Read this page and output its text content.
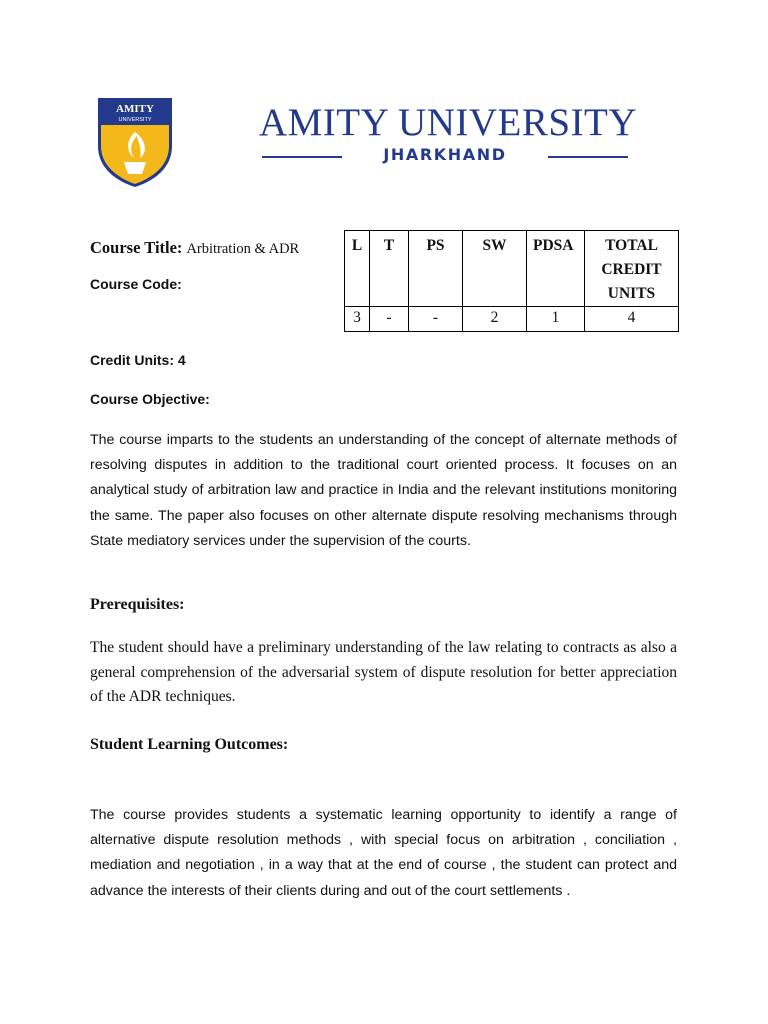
AMITY
UNIVERSITY	AMITY UNIVERSITY
JHARKHAND
Course Title: Arbitration & ADR
Course Code:
L	T	PS	SW	PDSA	TOTAL CREDIT UNITS
3	-	-	2	1	4
Credit Units: 4
Course Objective:

The course imparts to the students an understanding of the concept of alternate methods of resolving disputes in addition to the traditional court oriented process. It focuses on an analytical study of arbitration law and practice in India and the relevant institutions monitoring the same. The paper also focuses on other alternate dispute resolving mechanisms through State mediatory services under the supervision of the courts.

Prerequisites:

The student should have a preliminary understanding of the law relating to contracts as also a general comprehension of the adversarial system of dispute resolution for better appreciation of the ADR techniques.

Student Learning Outcomes:

The course provides students a systematic learning opportunity to identify a range of alternative dispute resolution methods , with special focus on arbitration , conciliation , mediation and negotiation , in a way that at the end of course , the student can protect and advance the interests of their clients during and out of the court settlements .
